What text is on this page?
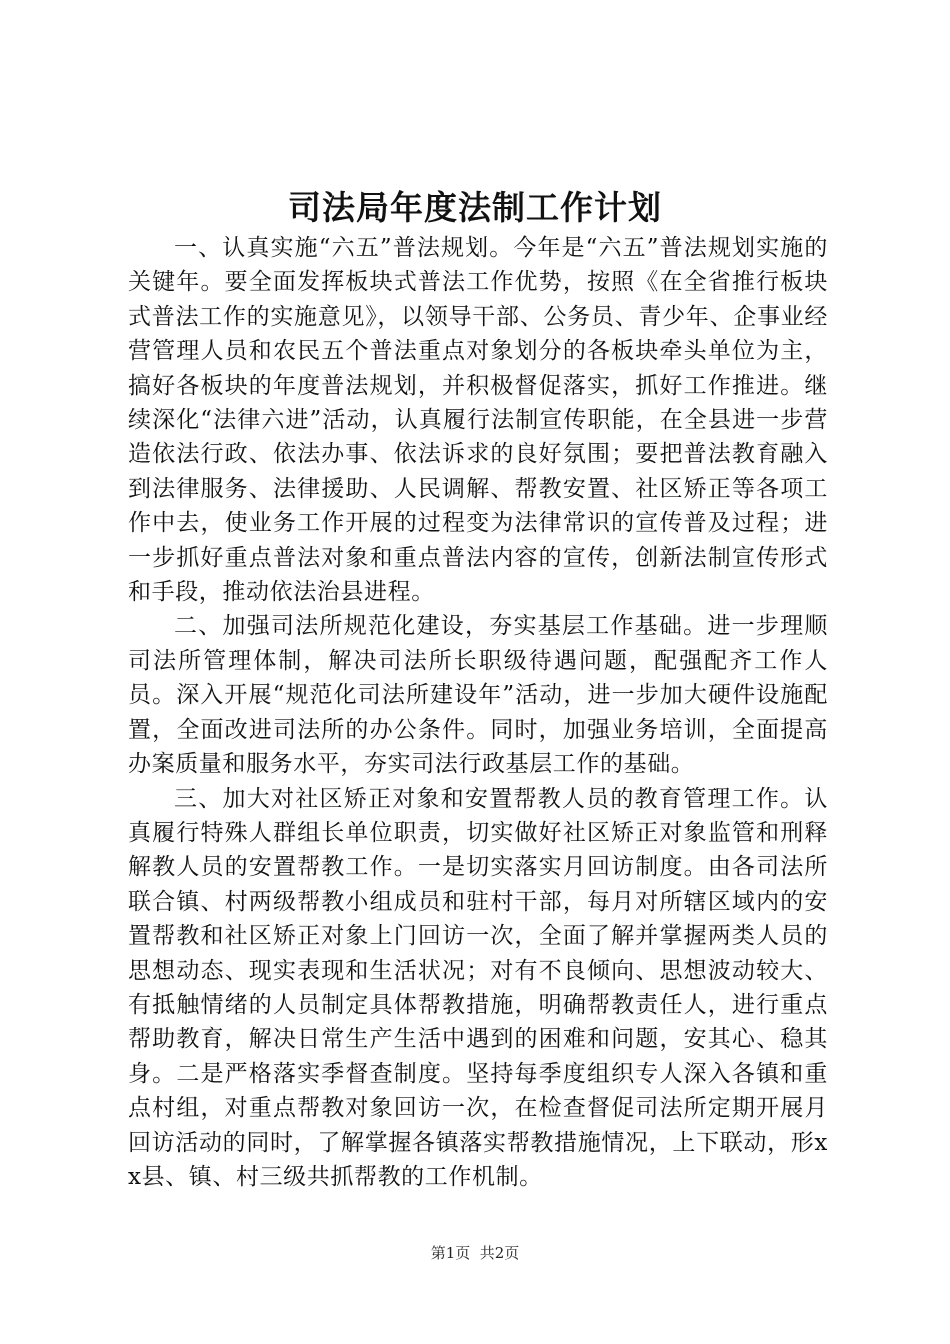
司法局年度法制工作计划

一、认真实施“六五”普法规划。今年是“六五”普法规划实施的关键年。要全面发挥板块式普法工作优势，按照《在全省推行板块式普法工作的实施意见》，以领导干部、公务员、青少年、企事业经营管理人员和农民五个普法重点对象划分的各板块牵头单位为主，搞好各板块的年度普法规划，并积极督促落实，抓好工作推进。继续深化“法律六进”活动，认真履行法制宣传职能，在全县进一步营造依法行政、依法办事、依法诉求的良好氛围；要把普法教育融入到法律服务、法律援助、人民调解、帮教安置、社区矫正等各项工作中去，使业务工作开展的过程变为法律常识的宣传普及过程；进一步抓好重点普法对象和重点普法内容的宣传，创新法制宣传形式和手段，推动依法治县进程。

二、加强司法所规范化建设，夯实基层工作基础。进一步理顺司法所管理体制，解决司法所长职级待遇问题，配强配齐工作人员。深入开展“规范化司法所建设年”活动，进一步加大硬件设施配置，全面改进司法所的办公条件。同时，加强业务培训，全面提高办案质量和服务水平，夯实司法行政基层工作的基础。

三、加大对社区矫正对象和安置帮教人员的教育管理工作。认真履行特殊人群组长单位职责，切实做好社区矫正对象监管和刑释解教人员的安置帮教工作。一是切实落实月回访制度。由各司法所联合镇、村两级帮教小组成员和驻村干部，每月对所辖区域内的安置帮教和社区矫正对象上门回访一次，全面了解并掌握两类人员的思想动态、现实表现和生活状况；对有不良倾向、思想波动较大、有抵触情绪的人员制定具体帮教措施，明确帮教责任人，进行重点帮助教育，解决日常生产生活中遇到的困难和问题，安其心、稳其身。二是严格落实季督查制度。坚持每季度组织专人深入各镇和重点村组，对重点帮教对象回访一次，在检查督促司法所定期开展月回访活动的同时，了解掌握各镇落实帮教措施情况，上下联动，形xx县、镇、村三级共抓帮教的工作机制。

第1页  共2页
